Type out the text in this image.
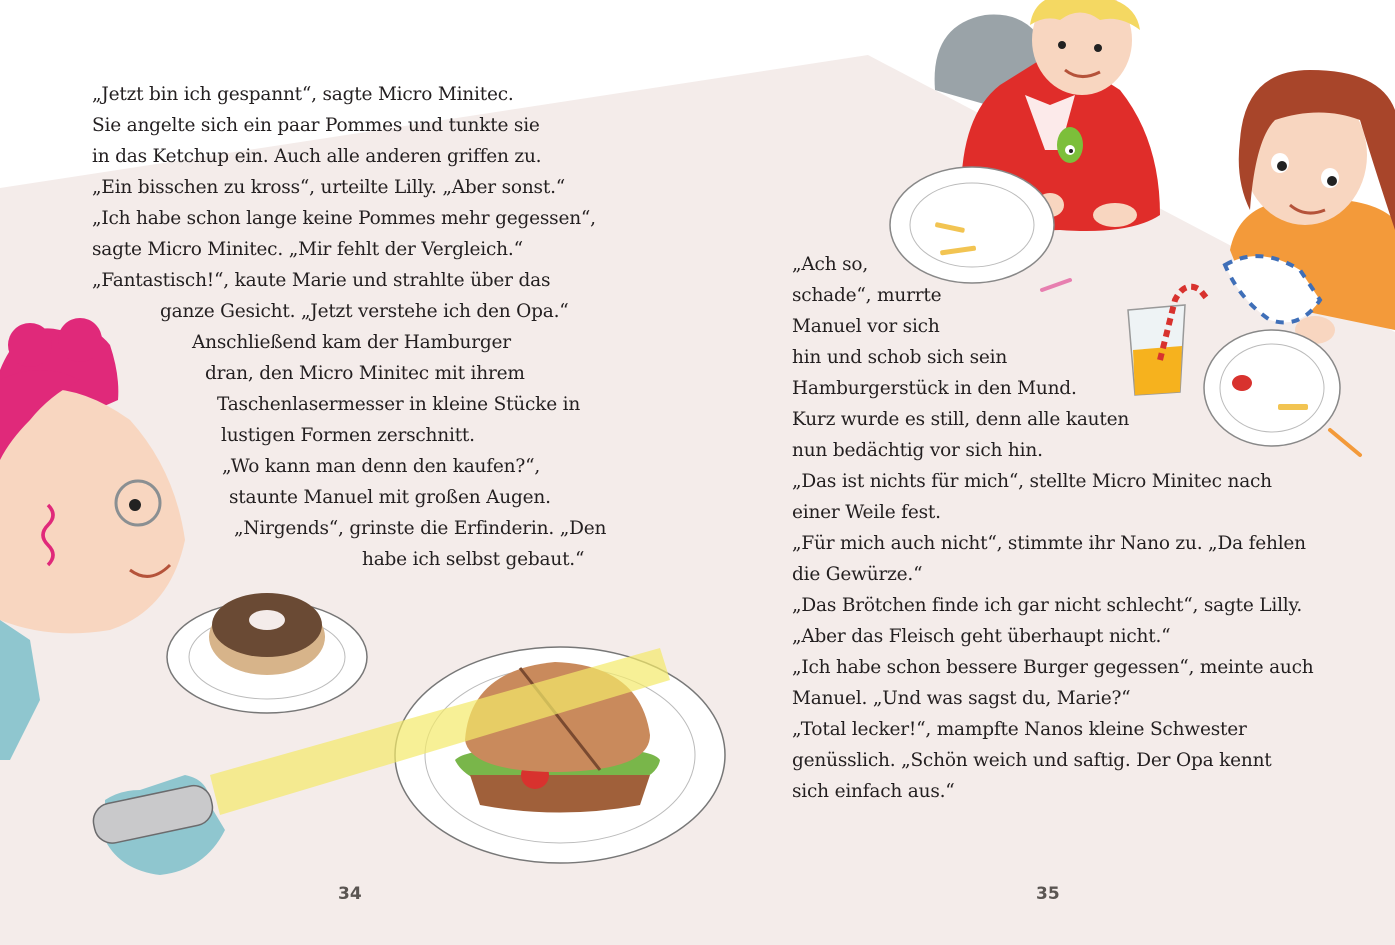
„Jetzt bin ich gespannt“, sagte Micro Minitec.
Sie angelte sich ein paar Pommes und tunkte sie
in das Ketchup ein. Auch alle anderen griffen zu.
„Ein bisschen zu kross“, urteilte Lilly. „Aber sonst.“
„Ich habe schon lange keine Pommes mehr gegessen“,
sagte Micro Minitec. „Mir fehlt der Vergleich.“
„Fantastisch!“, kaute Marie und strahlte über das
ganze Gesicht. „Jetzt verstehe ich den Opa.“
Anschließend kam der Hamburger
dran, den Micro Minitec mit ihrem
Taschenlasermesser in kleine Stücke in
lustigen Formen zerschnitt.
„Wo kann man denn den kaufen?“,
staunte Manuel mit großen Augen.
„Nirgends“, grinste die Erfinderin. „Den
habe ich selbst gebaut.“
„Ach so,
schade“, murrte
Manuel vor sich
hin und schob sich sein
Hamburgerstück in den Mund.
Kurz wurde es still, denn alle kauten
nun bedächtig vor sich hin.
„Das ist nichts für mich“, stellte Micro Minitec nach
einer Weile fest.
„Für mich auch nicht“, stimmte ihr Nano zu. „Da fehlen
die Gewürze.“
„Das Brötchen finde ich gar nicht schlecht“, sagte Lilly.
„Aber das Fleisch geht überhaupt nicht.“
„Ich habe schon bessere Burger gegessen“, meinte auch
Manuel. „Und was sagst du, Marie?“
„Total lecker!“, mampfte Nanos kleine Schwester
genüsslich. „Schön weich und saftig. Der Opa kennt
sich einfach aus.“
34	35
